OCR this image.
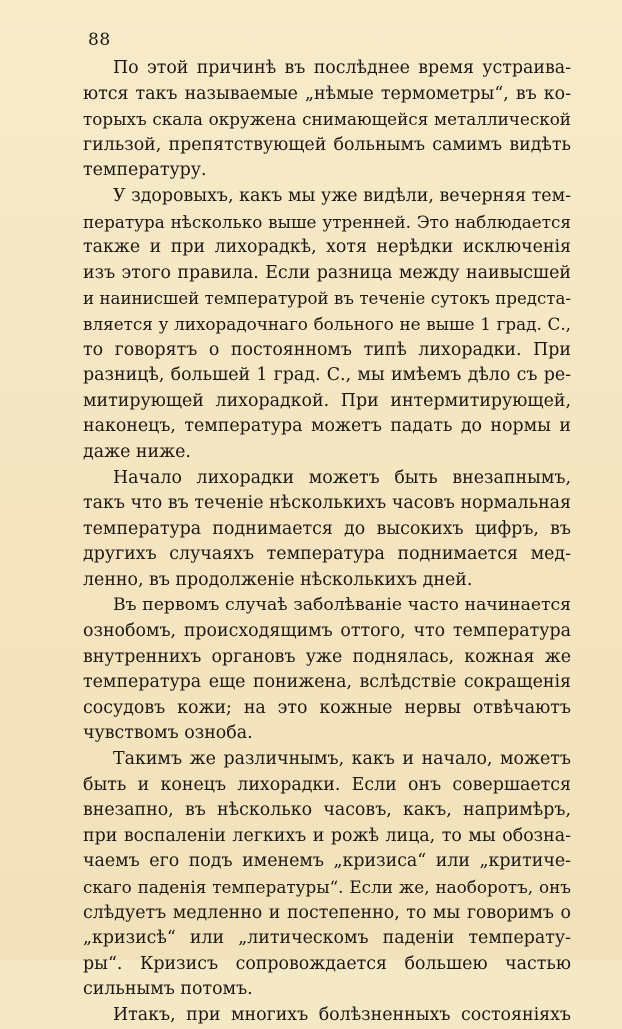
88
По этой причинѣ въ послѣднее время устраива-
ются такъ называемые „нѣмые термометры“, въ ко-
торыхъ скала окружена снимающейся металлической
гильзой, препятствующей больнымъ самимъ видѣть
температуру.
У здоровыхъ, какъ мы уже видѣли, вечерняя тем-
пература нѣсколько выше утренней. Это наблюдается
также и при лихорадкѣ, хотя нерѣдки исключенія
изъ этого правила. Если разница между наивысшей
и наинисшей температурой въ теченіе сутокъ предста-
вляется у лихорадочнаго больного не выше 1 град. С.,
то говорятъ о постоянномъ типѣ лихорадки. При
разницѣ, большей 1 град. С., мы имѣемъ дѣло съ ре-
митирующей лихорадкой. При интермитирующей,
наконецъ, температура можетъ падать до нормы и
даже ниже.
Начало лихорадки можетъ быть внезапнымъ,
такъ что въ теченіе нѣсколькихъ часовъ нормальная
температура поднимается до высокихъ цифръ, въ
другихъ случаяхъ температура поднимается мед-
ленно, въ продолженіе нѣсколькихъ дней.
Въ первомъ случаѣ заболѣваніе часто начинается
ознобомъ, происходящимъ оттого, что температура
внутреннихъ органовъ уже поднялась, кожная же
температура еще понижена, вслѣдствіе сокращенія
сосудовъ кожи; на это кожные нервы отвѣчаютъ
чувствомъ озноба.
Такимъ же различнымъ, какъ и начало, можетъ
быть и конецъ лихорадки. Если онъ совершается
внезапно, въ нѣсколько часовъ, какъ, напримѣръ,
при воспаленіи легкихъ и рожѣ лица, то мы обозна-
чаемъ его подъ именемъ „кризиса“ или „критиче-
скаго паденія температуры“. Если же, наоборотъ, онъ
слѣдуетъ медленно и постепенно, то мы говоримъ о
„кризисѣ“ или „литическомъ паденіи температу-
ры“. Кризисъ сопровождается большею частью
сильнымъ потомъ.
Итакъ, при многихъ болѣзненныхъ состояніяхъ
